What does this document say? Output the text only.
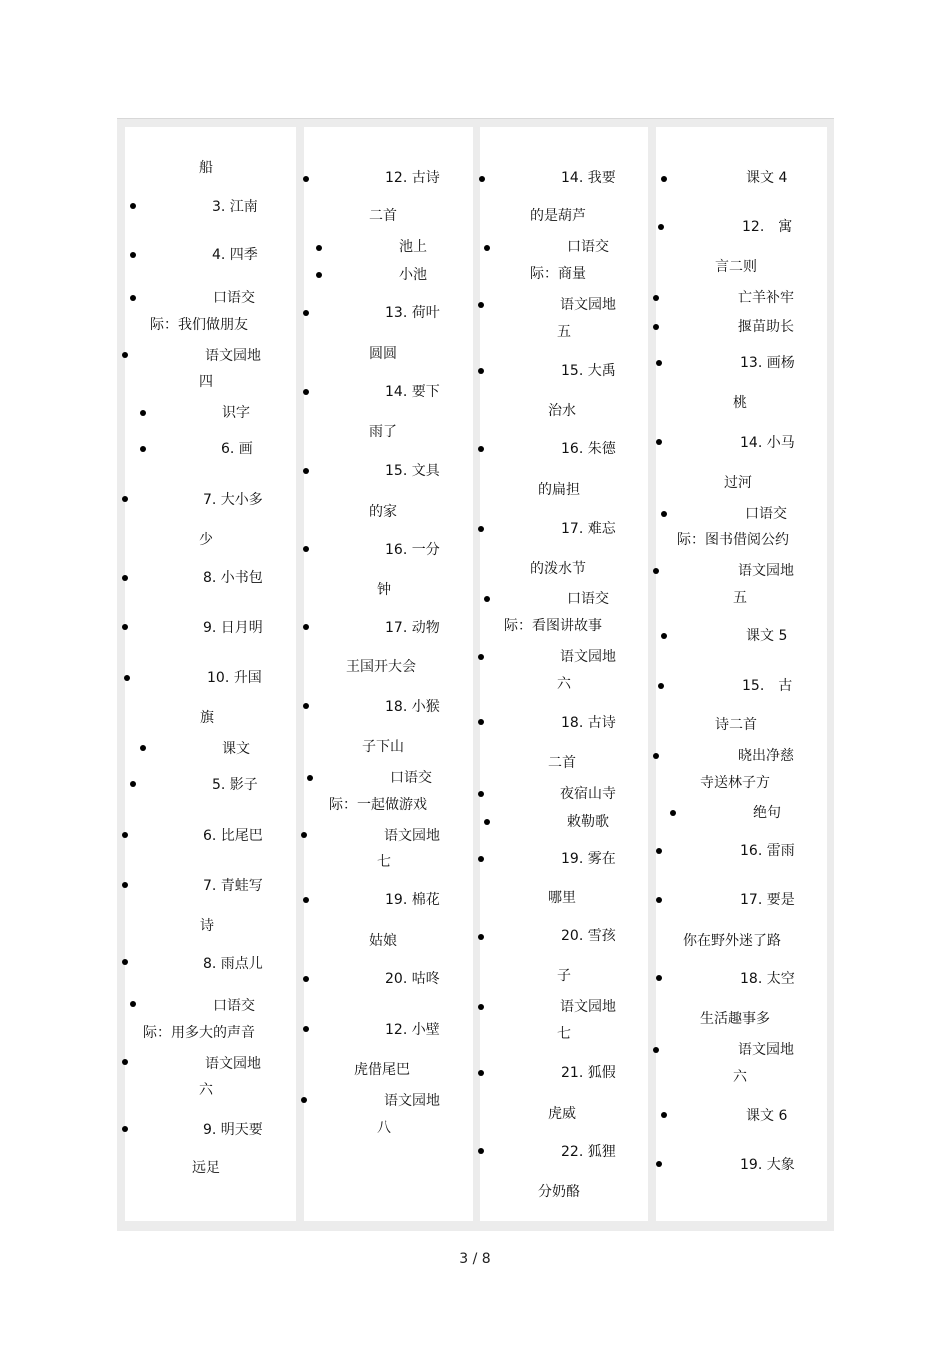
船
3. 江南
4. 四季
口语交
际：我们做朋友
语文园地
四
识字
6. 画
7. 大小多
少
8. 小书包
9. 日月明
10. 升国
旗
课文
5. 影子
6. 比尾巴
7. 青蛙写
诗
8. 雨点儿
口语交
际：用多大的声音
语文园地
六
9. 明天要
远足
12. 古诗
二首
池上
小池
13. 荷叶
圆圆
14. 要下
雨了
15. 文具
的家
16. 一分
钟
17. 动物
王国开大会
18. 小猴
子下山
口语交
际：一起做游戏
语文园地
七
19. 棉花
姑娘
20. 咕咚
12. 小壁
虎借尾巴
语文园地
八
14. 我要
的是葫芦
口语交
际：商量
语文园地
五
15. 大禹
治水
16. 朱德
的扁担
17. 难忘
的泼水节
口语交
际：看图讲故事
语文园地
六
18. 古诗
二首
夜宿山寺
敕勒歌
19. 雾在
哪里
20. 雪孩
子
语文园地
七
21. 狐假
虎威
22. 狐狸
分奶酪
课文 4
12.　寓
言二则
亡羊补牢
揠苗助长
13. 画杨
桃
14. 小马
过河
口语交
际：图书借阅公约
语文园地
五
课文 5
15.　古
诗二首
晓出净慈
寺送林子方
绝句
16. 雷雨
17. 要是
你在野外迷了路
18. 太空
生活趣事多
语文园地
六
课文 6
19. 大象
3 / 8
